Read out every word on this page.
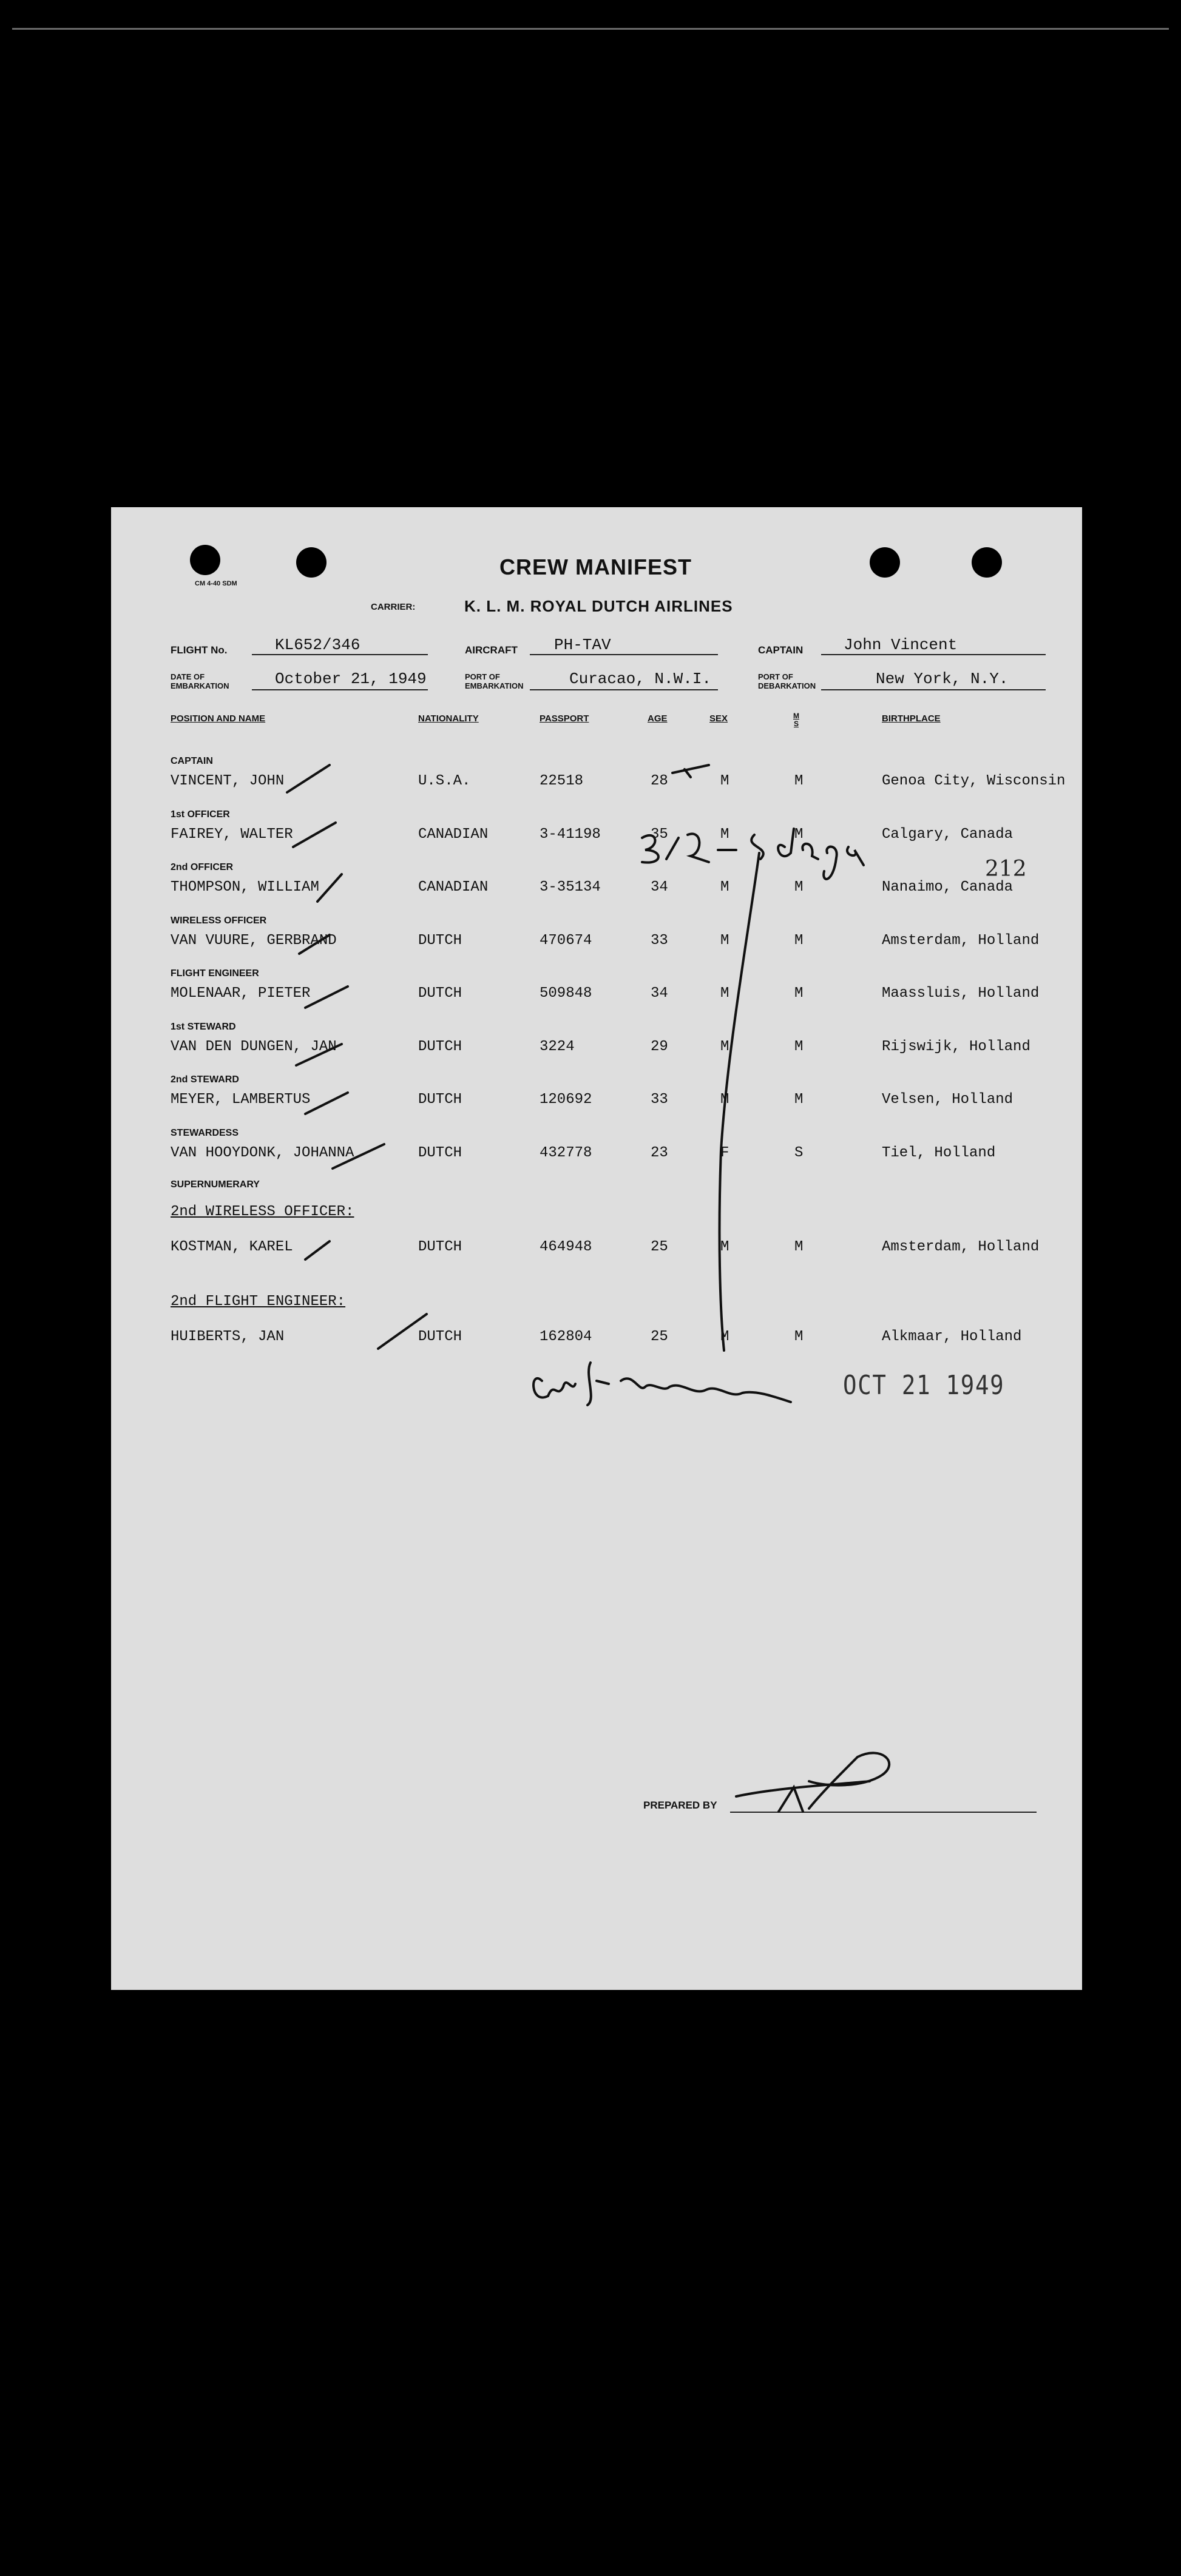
CM 4-40 SDM
CREW MANIFEST
CARRIER:	K. L. M. ROYAL DUTCH AIRLINES
FLIGHT No.	KL652/346	AIRCRAFT PH-TAV	CAPTAIN	John Vincent
DATE OF
EMBARKATION	October 21, 1949	PORT OF
EMBARKATION	Curacao, N.W.I.	PORT OF
DEBARKATION	New York, N.Y.
POSITION AND NAME	NATIONALITY	PASSPORT	AGE	SEX	M S	BIRTHPLACE
CAPTAIN
VINCENT, JOHN	U.S.A.	22518	28	M	M	Genoa City, Wisconsin
1st OFFICER
FAIREY, WALTER	CANADIAN	3-41198	35	M	M	Calgary, Canada
2nd OFFICER
THOMPSON, WILLIAM	CANADIAN	3-35134	34	M	M	Nanaimo, Canada
WIRELESS OFFICER
VAN VUURE, GERBRAND	DUTCH	470674	33	M	M	Amsterdam, Holland
FLIGHT ENGINEER
MOLENAAR, PIETER	DUTCH	509848	34	M	M	Maassluis, Holland
1st STEWARD
VAN DEN DUNGEN, JAN	DUTCH	3224	29	M	M	Rijswijk, Holland
2nd STEWARD
MEYER, LAMBERTUS	DUTCH	120692	33	M	M	Velsen, Holland
STEWARDESS
VAN HOOYDONK, JOHANNA	DUTCH	432778	23	F	S	Tiel, Holland
SUPERNUMERARY
2nd WIRELESS OFFICER:
KOSTMAN, KAREL	DUTCH	464948	25	M	M	Amsterdam, Holland
2nd FLIGHT ENGINEER:
HUIBERTS, JAN	DUTCH	162804	25	M	M	Alkmaar, Holland
212
OCT 21 1949
PREPARED BY
